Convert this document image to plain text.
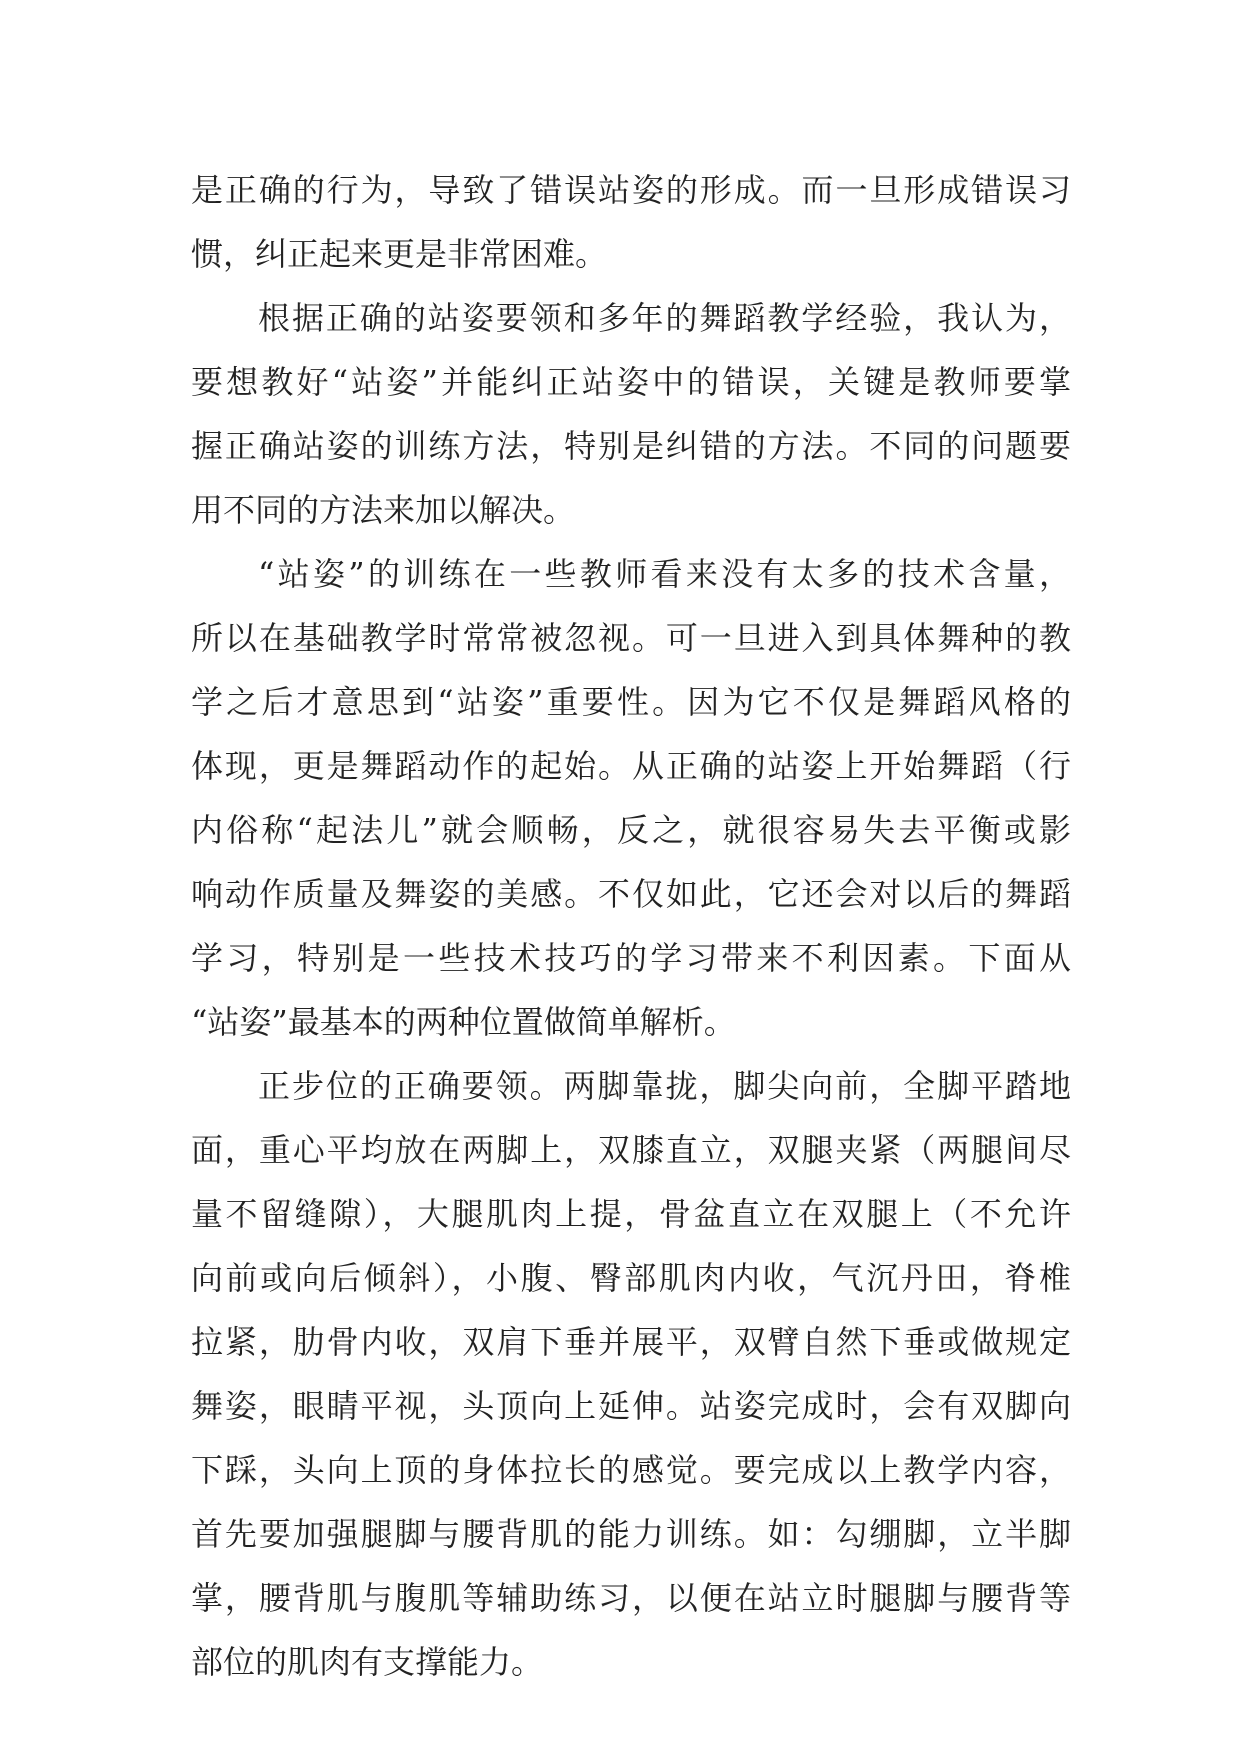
是正确的行为，导致了错误站姿的形成。而一旦形成错误习
惯，纠正起来更是非常困难。
根据正确的站姿要领和多年的舞蹈教学经验，我认为，
要想教好“站姿”并能纠正站姿中的错误，关键是教师要掌
握正确站姿的训练方法，特别是纠错的方法。不同的问题要
用不同的方法来加以解决。
“站姿”的训练在一些教师看来没有太多的技术含量，
所以在基础教学时常常被忽视。可一旦进入到具体舞种的教
学之后才意思到“站姿”重要性。因为它不仅是舞蹈风格的
体现，更是舞蹈动作的起始。从正确的站姿上开始舞蹈（行
内俗称“起法儿”就会顺畅，反之，就很容易失去平衡或影
响动作质量及舞姿的美感。不仅如此，它还会对以后的舞蹈
学习，特别是一些技术技巧的学习带来不利因素。下面从
“站姿”最基本的两种位置做简单解析。
正步位的正确要领。两脚靠拢，脚尖向前，全脚平踏地
面，重心平均放在两脚上，双膝直立，双腿夹紧（两腿间尽
量不留缝隙），大腿肌肉上提，骨盆直立在双腿上（不允许
向前或向后倾斜），小腹、臀部肌肉内收，气沉丹田，脊椎
拉紧，肋骨内收，双肩下垂并展平，双臂自然下垂或做规定
舞姿，眼睛平视，头顶向上延伸。站姿完成时，会有双脚向
下踩，头向上顶的身体拉长的感觉。要完成以上教学内容，
首先要加强腿脚与腰背肌的能力训练。如：勾绷脚，立半脚
掌，腰背肌与腹肌等辅助练习，以便在站立时腿脚与腰背等
部位的肌肉有支撑能力。
